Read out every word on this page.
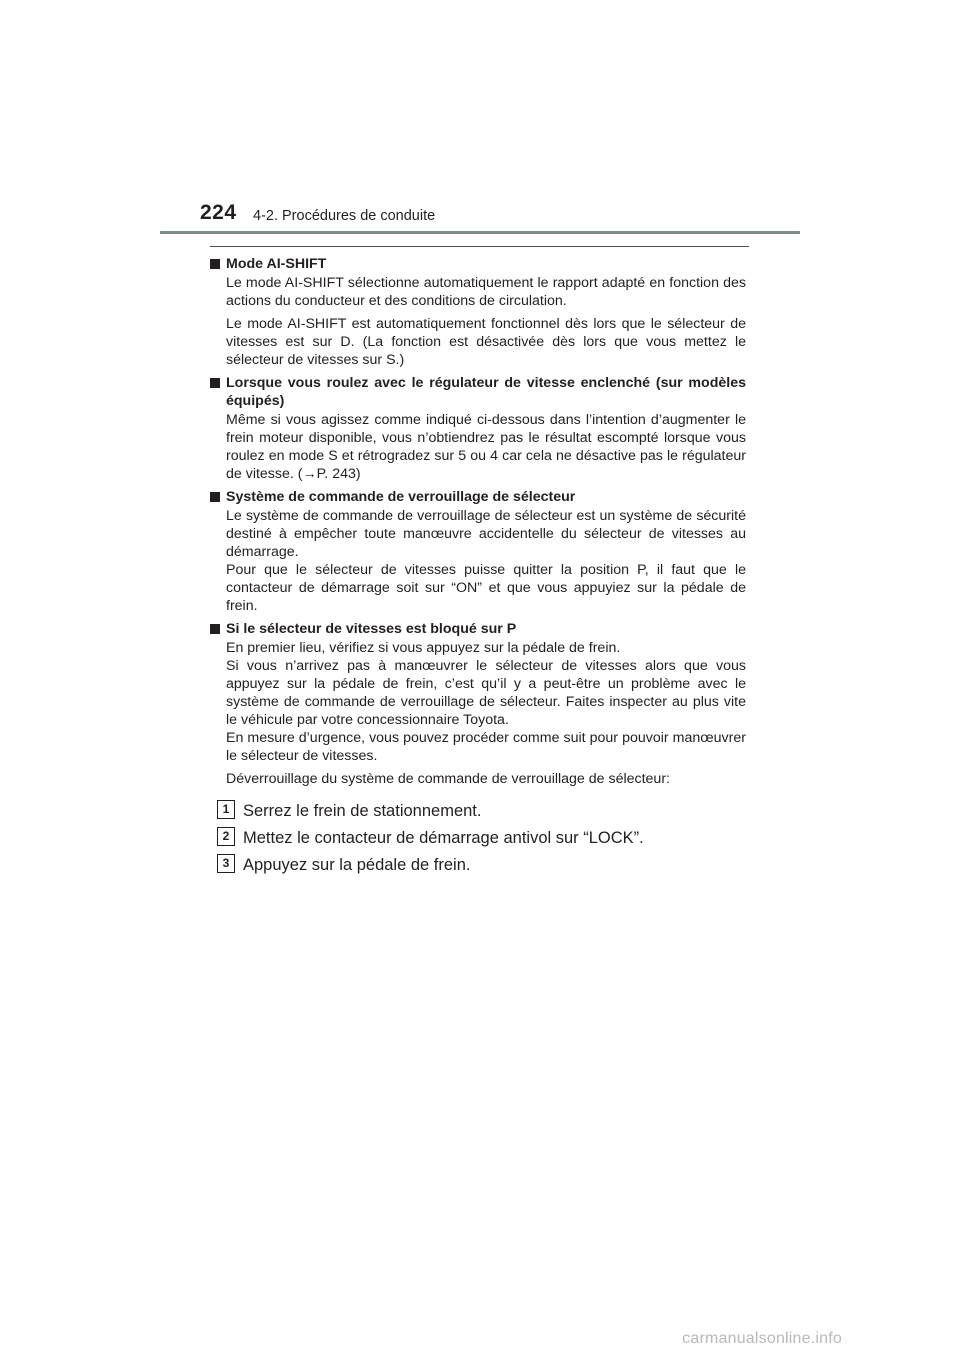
224 4-2. Procédures de conduite
Mode AI-SHIFT
Le mode AI-SHIFT sélectionne automatiquement le rapport adapté en fonction des actions du conducteur et des conditions de circulation.
Le mode AI-SHIFT est automatiquement fonctionnel dès lors que le sélecteur de vitesses est sur D. (La fonction est désactivée dès lors que vous mettez le sélecteur de vitesses sur S.)
Lorsque vous roulez avec le régulateur de vitesse enclenché (sur modèles équipés)
Même si vous agissez comme indiqué ci-dessous dans l’intention d’augmenter le frein moteur disponible, vous n’obtiendrez pas le résultat escompté lorsque vous roulez en mode S et rétrogradez sur 5 ou 4 car cela ne désactive pas le régulateur de vitesse. (→P. 243)
Système de commande de verrouillage de sélecteur
Le système de commande de verrouillage de sélecteur est un système de sécurité destiné à empêcher toute manœuvre accidentelle du sélecteur de vitesses au démarrage.
Pour que le sélecteur de vitesses puisse quitter la position P, il faut que le contacteur de démarrage soit sur “ON” et que vous appuyiez sur la pédale de frein.
Si le sélecteur de vitesses est bloqué sur P
En premier lieu, vérifiez si vous appuyez sur la pédale de frein.
Si vous n’arrivez pas à manœuvrer le sélecteur de vitesses alors que vous appuyez sur la pédale de frein, c’est qu’il y a peut-être un problème avec le système de commande de verrouillage de sélecteur. Faites inspecter au plus vite le véhicule par votre concessionnaire Toyota.
En mesure d’urgence, vous pouvez procéder comme suit pour pouvoir manœuvrer le sélecteur de vitesses.
Déverrouillage du système de commande de verrouillage de sélecteur:
1 Serrez le frein de stationnement.
2 Mettez le contacteur de démarrage antivol sur “LOCK”.
3 Appuyez sur la pédale de frein.
carmanualsonline.info
